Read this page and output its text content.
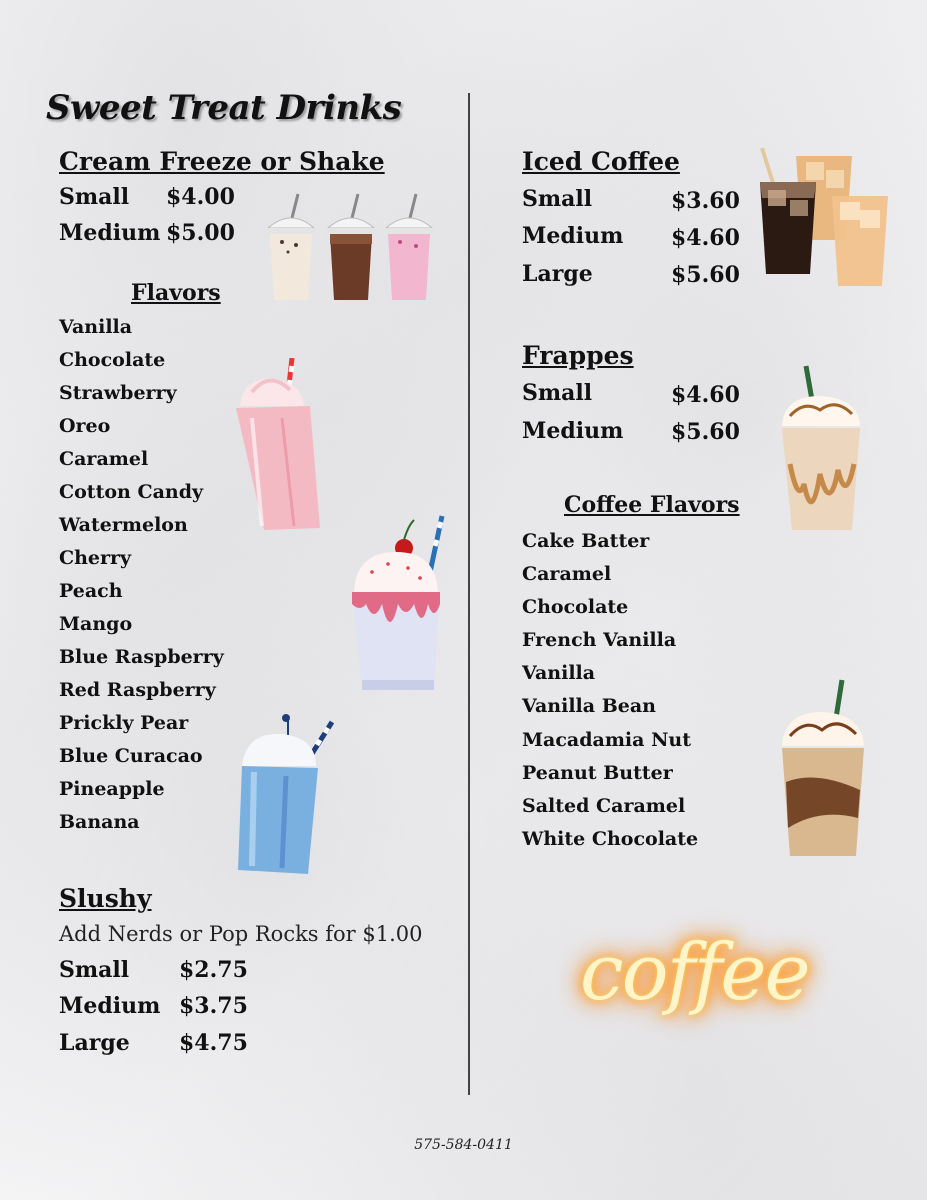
Sweet Treat Drinks
Cream Freeze or Shake
Small $4.00
Medium $5.00
Flavors
Vanilla
Chocolate
Strawberry
Oreo
Caramel
Cotton Candy
Watermelon
Cherry
Peach
Mango
Blue Raspberry
Red Raspberry
Prickly Pear
Blue Curacao
Pineapple
Banana
Slushy
Add Nerds or Pop Rocks for $1.00
Small $2.75
Medium $3.75
Large $4.75
Iced Coffee
Small	$3.60
Medium $4.60
Large	$5.60
Frappes
Small	$4.60
Medium $5.60
Coffee Flavors
Cake Batter
Caramel
Chocolate
French Vanilla
Vanilla
Vanilla Bean
Macadamia Nut
Peanut Butter
Salted Caramel
White Chocolate
coffee
575-584-0411
